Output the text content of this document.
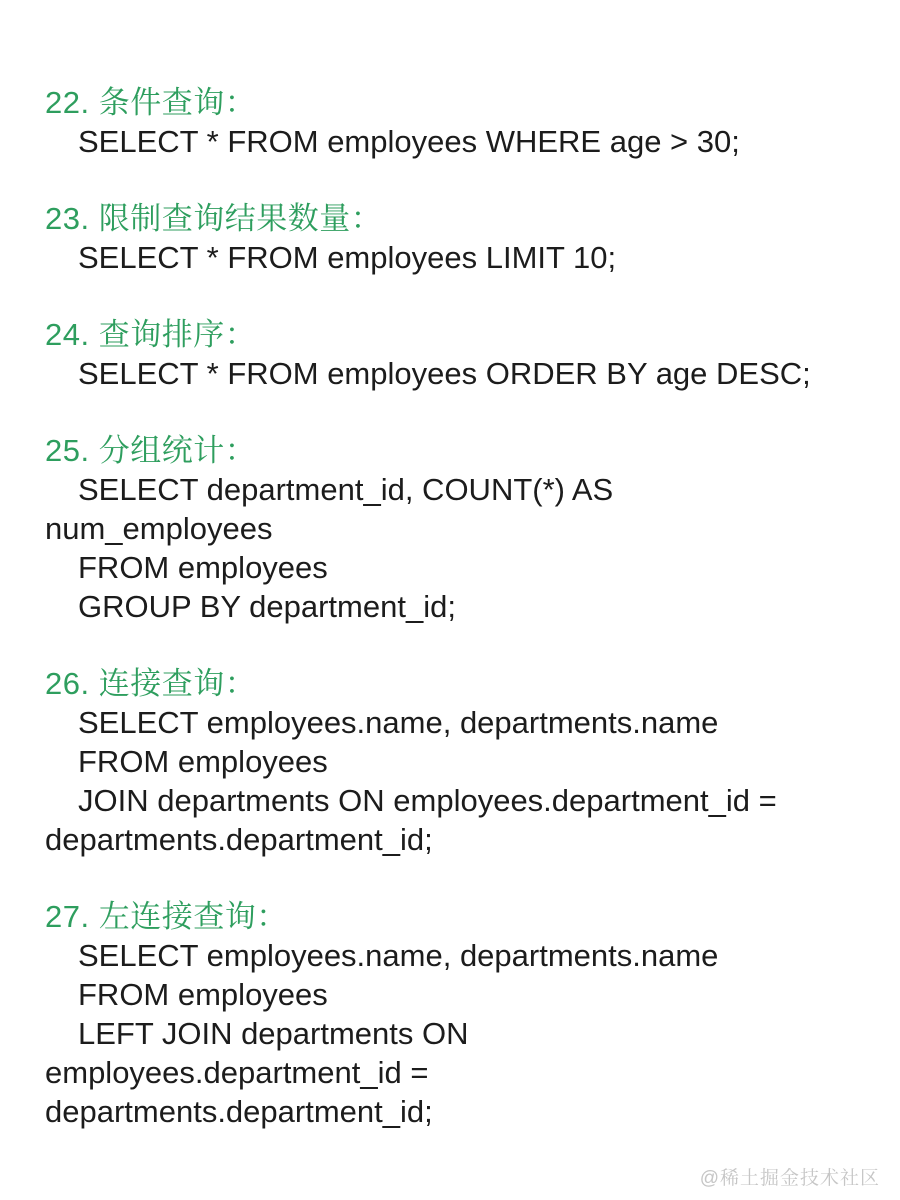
22. 条件查询：
SELECT * FROM employees WHERE age > 30;
23. 限制查询结果数量：
SELECT * FROM employees LIMIT 10;
24. 查询排序：
SELECT * FROM employees ORDER BY age DESC;
25. 分组统计：
SELECT department_id, COUNT(*) AS
num_employees
FROM employees
GROUP BY department_id;
26. 连接查询：
SELECT employees.name, departments.name
FROM employees
JOIN departments ON employees.department_id =
departments.department_id;
27. 左连接查询：
SELECT employees.name, departments.name
FROM employees
LEFT JOIN departments ON
employees.department_id =
departments.department_id;
@稀土掘金技术社区
